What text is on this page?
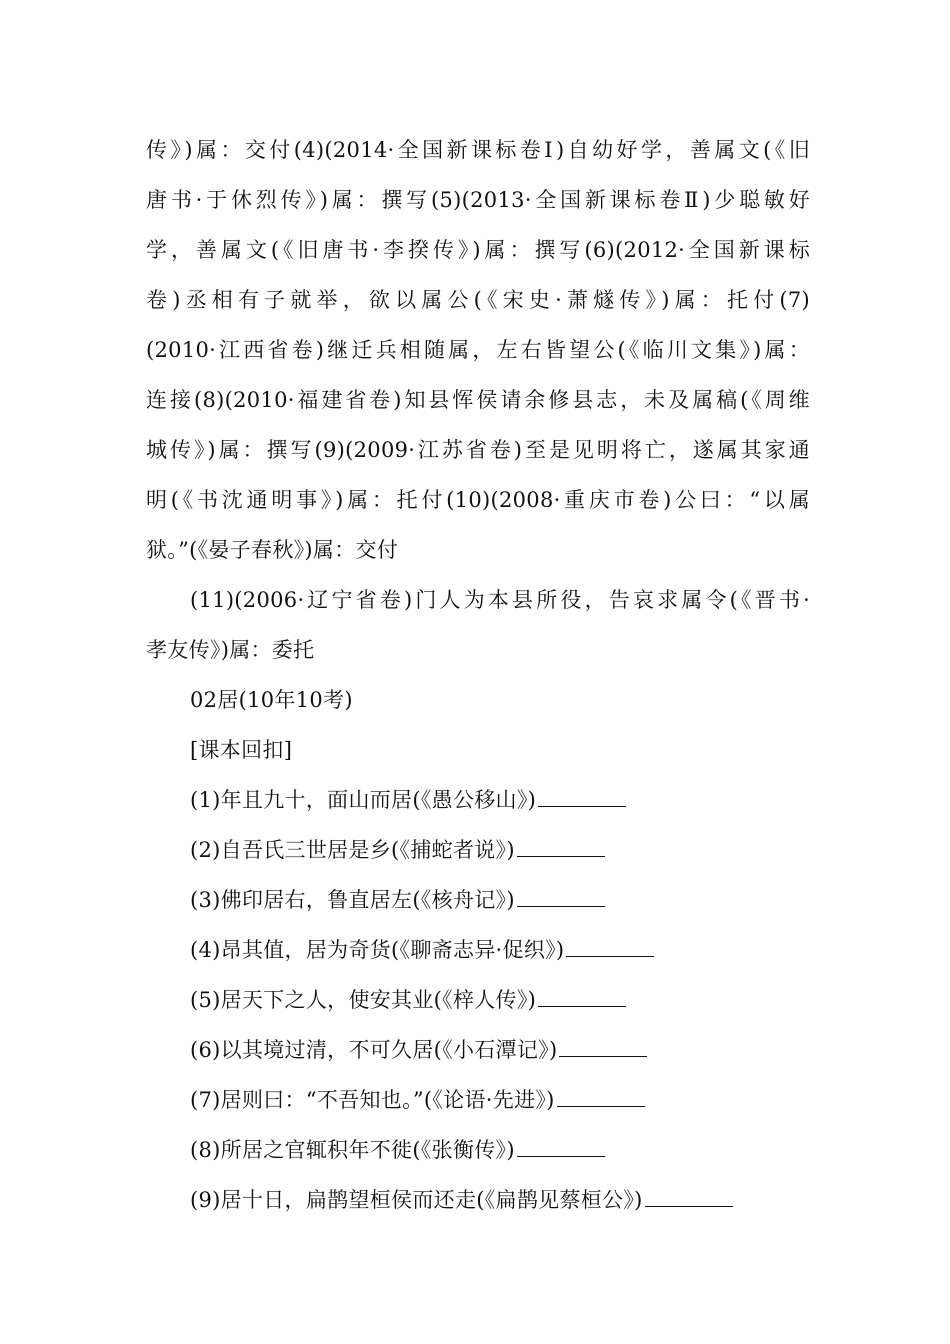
传》)属：交付(4)(2014·全国新课标卷Ⅰ)自幼好学，善属文(《旧
唐书·于休烈传》)属：撰写(5)(2013·全国新课标卷Ⅱ)少聪敏好
学，善属文(《旧唐书·李揆传》)属：撰写(6)(2012·全国新课标
卷)丞相有子就举，欲以属公(《宋史·萧燧传》)属：托付(7)
(2010·江西省卷)继迁兵相随属，左右皆望公(《临川文集》)属：
连接(8)(2010·福建省卷)知县恽侯请余修县志，未及属稿(《周维
城传》)属：撰写(9)(2009·江苏省卷)至是见明将亡，遂属其家通
明(《书沈通明事》)属：托付(10)(2008·重庆市卷)公曰：“以属
狱。”(《晏子春秋》)属：交付
(11)(2006·辽宁省卷)门人为本县所役，告哀求属令(《晋书·
孝友传》)属：委托
02居(10年10考)
[课本回扣]
(1)年且九十，面山而居(《愚公移山》)
(2)自吾氏三世居是乡(《捕蛇者说》)
(3)佛印居右，鲁直居左(《核舟记》)
(4)昂其值，居为奇货(《聊斋志异·促织》)
(5)居天下之人，使安其业(《梓人传》)
(6)以其境过清，不可久居(《小石潭记》)
(7)居则曰：“不吾知也。”(《论语·先进》)
(8)所居之官辄积年不徙(《张衡传》)
(9)居十日，扁鹊望桓侯而还走(《扁鹊见蔡桓公》)
